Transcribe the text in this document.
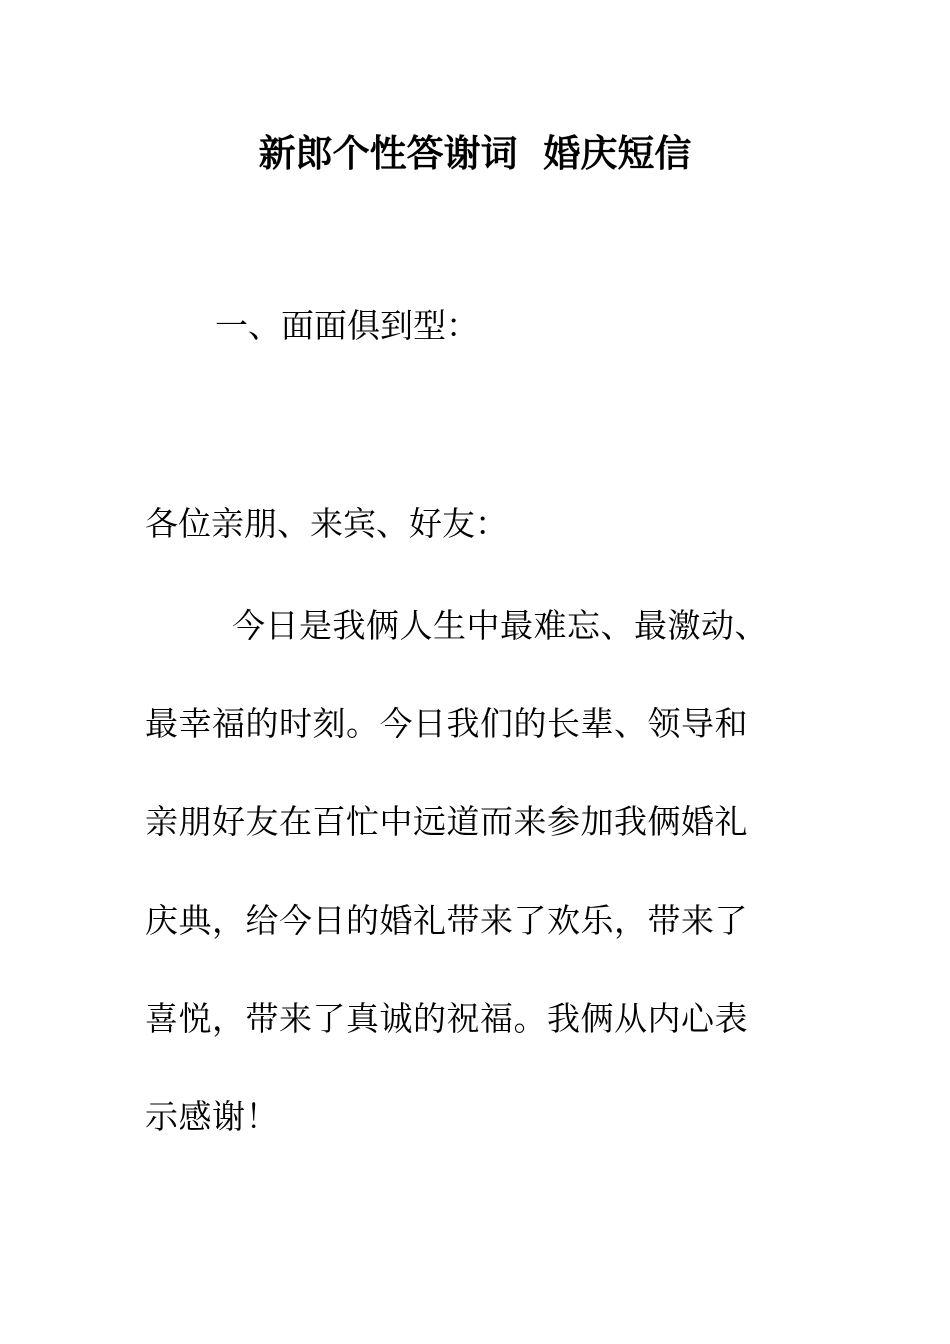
新郎个性答谢词  婚庆短信
一、面面俱到型：
各位亲朋、来宾、好友：
今日是我俩人生中最难忘、最激动、
最幸福的时刻。今日我们的长辈、领导和
亲朋好友在百忙中远道而来参加我俩婚礼
庆典，给今日的婚礼带来了欢乐，带来了
喜悦，带来了真诚的祝福。我俩从内心表
示感谢！
